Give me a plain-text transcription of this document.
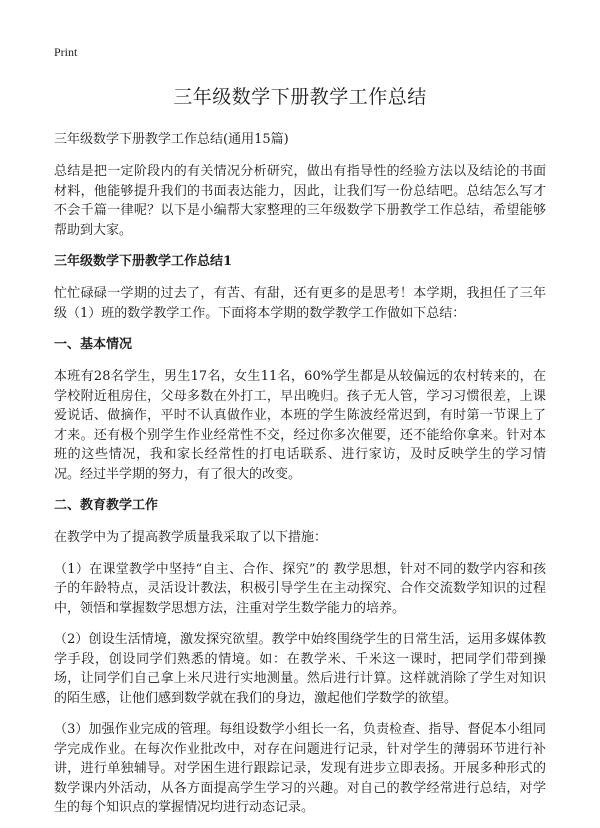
Print
三年级数学下册教学工作总结
三年级数学下册教学工作总结(通用15篇)

总结是把一定阶段内的有关情况分析研究，做出有指导性的经验方法以及结论的书面材料，他能够提升我们的书面表达能力，因此，让我们写一份总结吧。总结怎么写才不会千篇一律呢？以下是小编帮大家整理的三年级数学下册教学工作总结，希望能够帮助到大家。

三年级数学下册教学工作总结1

忙忙碌碌一学期的过去了，有苦、有甜，还有更多的是思考！本学期，我担任了三年级（1）班的数学教学工作。下面将本学期的数学教学工作做如下总结：

一、基本情况

本班有28名学生，男生17名，女生11名，60%学生都是从较偏远的农村转来的，在学校附近租房住，父母多数在外打工，早出晚归。孩子无人管，学习习惯很差，上课爱说话、做摘作，平时不认真做作业，本班的学生陈波经常迟到，有时第一节课上了才来。还有极个别学生作业经常性不交，经过你多次催要，还不能给你拿来。针对本班的这些情况，我和家长经常性的打电话联系、进行家访，及时反映学生的学习情况。经过半学期的努力，有了很大的改变。

二、教育教学工作

在教学中为了提高教学质量我采取了以下措施：

（1）在课堂教学中坚持“自主、合作、探究”的 教学思想，针对不同的数学内容和孩子的年龄特点，灵活设计教法，积极引导学生在主动探究、合作交流数学知识的过程中，领悟和掌握数学思想方法，注重对学生数学能力的培养。

（2）创设生活情境，激发探究欲望。教学中始终围绕学生的日常生活，运用多媒体教学手段，创设同学们熟悉的情境。如：在教学米、千米这一课时，把同学们带到操场，让同学们自己拿上米尺进行实地测量。然后进行计算。这样就消除了学生对知识的陌生感，让他们感到数学就在我们的身边，激起他们学数学的欲望。

（3）加强作业完成的管理。每组设数学小组长一名，负责检查、指导、督促本小组同学完成作业。在每次作业批改中，对存在问题进行记录，针对学生的薄弱环节进行补讲，进行单独辅导。对学困生进行跟踪记录，发现有进步立即表扬。开展多种形式的数学课内外活动，从各方面提高学生学习的兴趣。对自己的教学经常进行总结，对学生的每个知识点的掌握情况均进行动态记录。
